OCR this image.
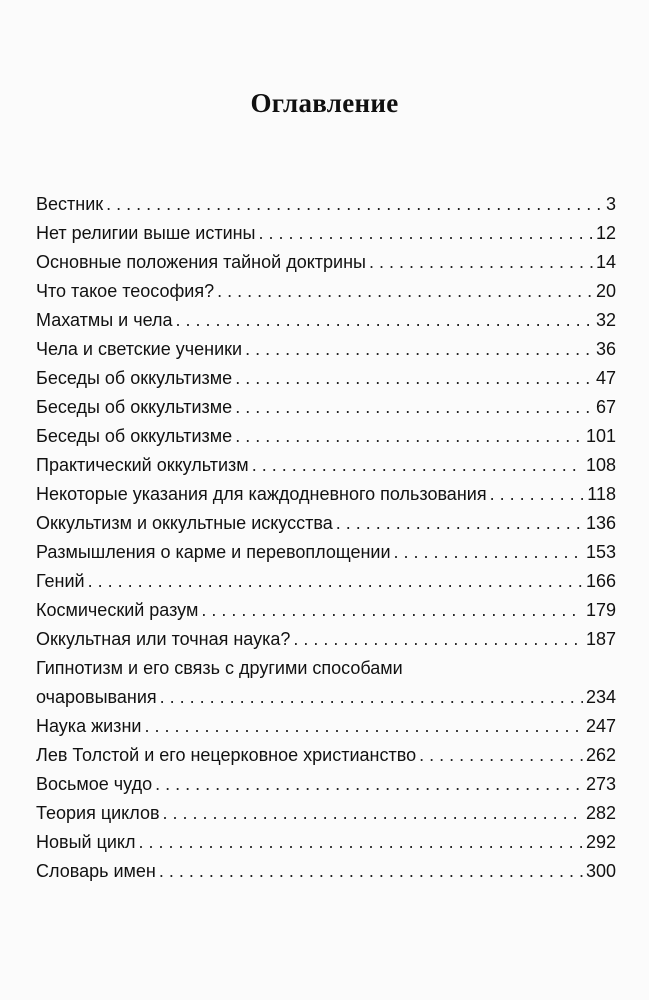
Оглавление
Вестник . . .	3
Нет религии выше истины . . .	12
Основные положения тайной доктрины . . .	14
Что такое теософия? . . .	20
Махатмы и чела . . .	32
Чела и светские ученики . . .	36
Беседы об оккультизме . . .	47
Беседы об оккультизме . . .	67
Беседы об оккультизме . . .	101
Практический оккультизм . . .	108
Некоторые указания для каждодневного пользования . . .	118
Оккультизм и оккультные искусства . . .	136
Размышления о карме и перевоплощении . . .	153
Гений . . .	166
Космический разум . . .	179
Оккультная или точная наука? . . .	187
Гипнотизм и его связь с другими способами
очаровывания . . .	234
Наука жизни . . .	247
Лев Толстой и его нецерковное христианство . . .	262
Восьмое чудо . . .	273
Теория циклов . . .	282
Новый цикл . . .	292
Словарь имен . . .	300
